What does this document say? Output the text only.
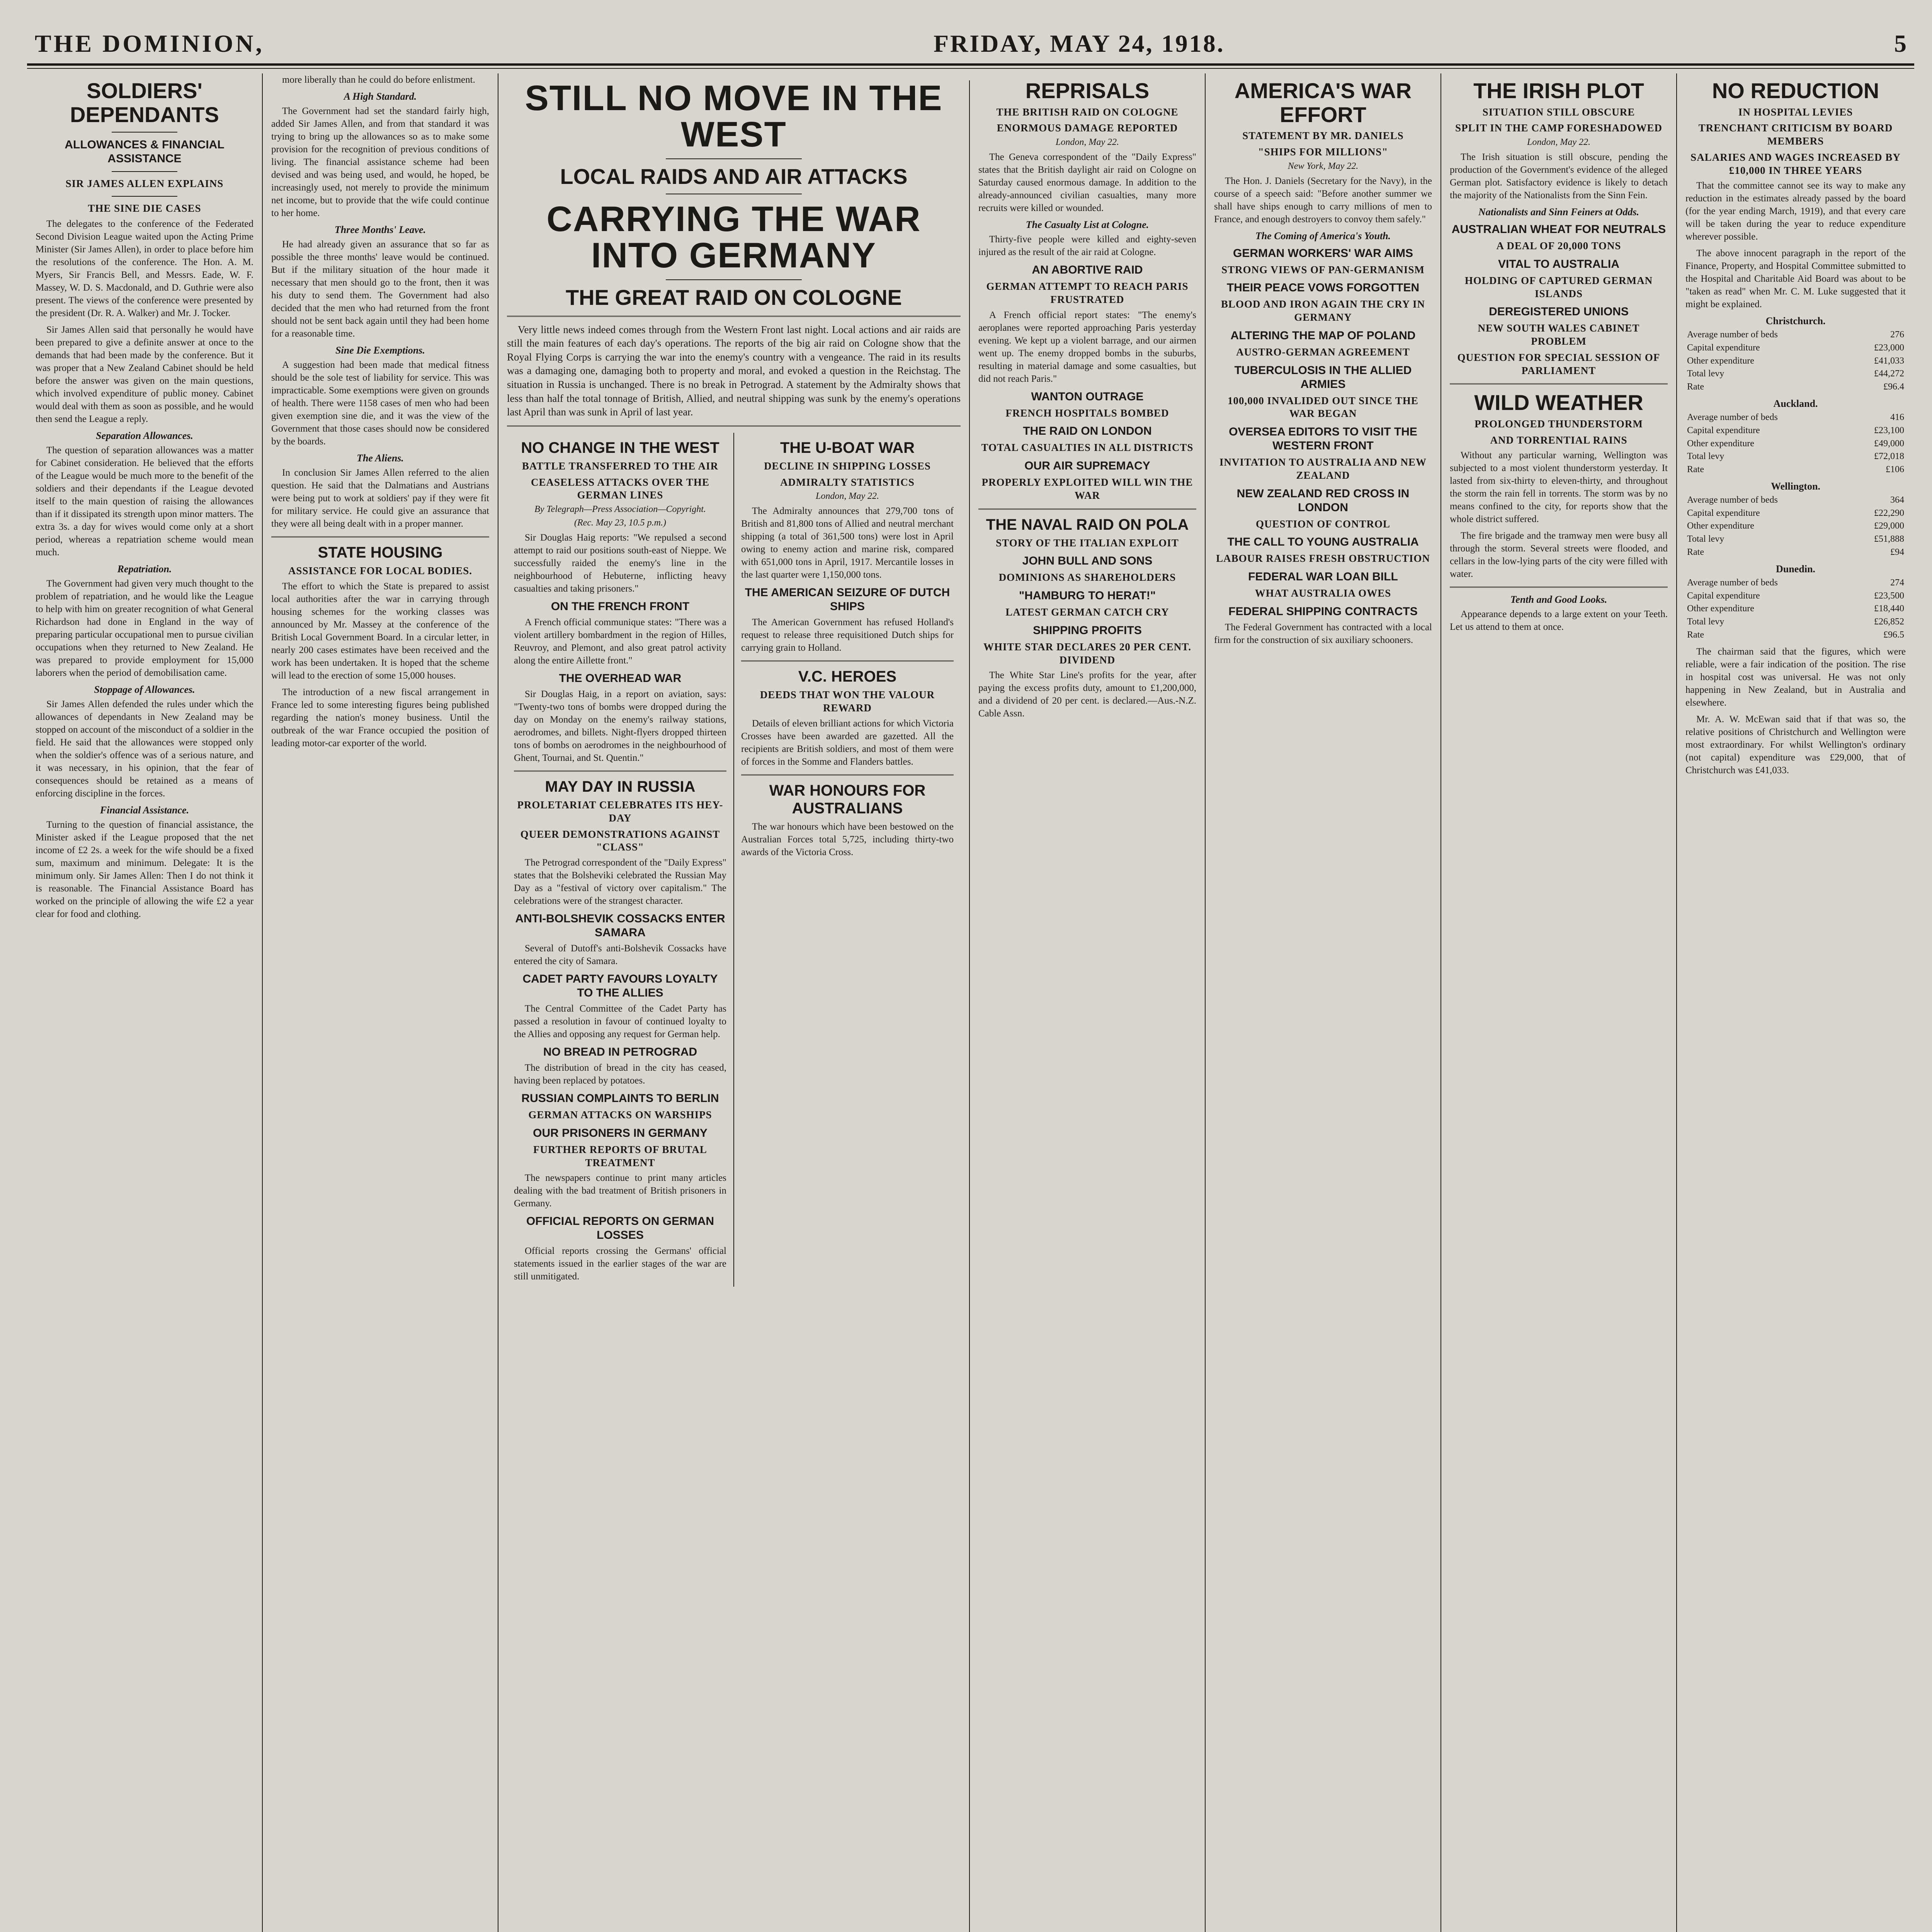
THE DOMINION,	FRIDAY, MAY 24, 1918.	5
SOLDIERS' DEPENDANTS
ALLOWANCES & FINANCIAL ASSISTANCE
SIR JAMES ALLEN EXPLAINS
THE SINE DIE CASES

The delegates to the conference of the Federated Second Division League waited upon the Acting Prime Minister (Sir James Allen), in order to place before him the resolutions of the conference. The Hon. A. M. Myers, Sir Francis Bell, and Messrs. Eade, W. F. Massey, W. D. S. Macdonald, and D. Guthrie were also present. The views of the conference were presented by the president (Dr. R. A. Walker) and Mr. J. Tocker.

Sir James Allen said that personally he would have been prepared to give a definite answer at once to the demands that had been made by the conference. But it was proper that a New Zealand Cabinet should be held before the answer was given on the main questions, which involved expenditure of public money. Cabinet would deal with them as soon as possible, and he would then send the League a reply.

Separation Allowances.

The question of separation allowances was a matter for Cabinet consideration. He believed that the efforts of the League would be much more to the benefit of the soldiers and their dependants if the League devoted itself to the main question of raising the allowances than if it dissipated its strength upon minor matters. The extra 3s. a day for wives would come only at a short period, whereas a repatriation scheme would mean much.

Repatriation.

The Government had given very much thought to the problem of repatriation, and he would like the League to help with him on greater recognition of what General Richardson had done in England in the way of preparing particular occupational men to pursue civilian occupations when they returned to New Zealand. He was prepared to provide employment for 15,000 laborers when the period of demobilisation came.

Stoppage of Allowances.

Sir James Allen defended the rules under which the allowances of dependants in New Zealand may be stopped on account of the misconduct of a soldier in the field. He said that the allowances were stopped only when the soldier's offence was of a serious nature, and it was necessary, in his opinion, that the fear of consequences should be retained as a means of enforcing discipline in the forces.

Financial Assistance.

Turning to the question of financial assistance, the Minister asked if the League proposed that the net income of £2 2s. a week for the wife should be a fixed sum, maximum and minimum. Delegate: It is the minimum only. Sir James Allen: Then I do not think it is reasonable. The Financial Assistance Board has worked on the principle of allowing the wife £2 a year clear for food and clothing.

more liberally than he could do before enlistment.

A High Standard.

The Government had set the standard fairly high, added Sir James Allen, and from that standard it was trying to bring up the allowances so as to make some provision for the recognition of previous conditions of living. The financial assistance scheme had been devised and was being used, and would, he hoped, be increasingly used, not merely to provide the minimum net income, but to provide that the wife could continue to her home.

Three Months' Leave.

He had already given an assurance that so far as possible the three months' leave would be continued. But if the military situation of the hour made it necessary that men should go to the front, then it was his duty to send them. The Government had also decided that the men who had returned from the front should not be sent back again until they had been home for a reasonable time.

Sine Die Exemptions.

A suggestion had been made that medical fitness should be the sole test of liability for service. This was impracticable. Some exemptions were given on grounds of health. There were 1158 cases of men who had been given exemption sine die, and it was the view of the Government that those cases should now be considered by the boards.

The Aliens.

In conclusion Sir James Allen referred to the alien question. He said that the Dalmatians and Austrians were being put to work at soldiers' pay if they were fit for military service. He could give an assurance that they were all being dealt with in a proper manner.

STATE HOUSING
ASSISTANCE FOR LOCAL BODIES.

The effort to which the State is prepared to assist local authorities after the war in carrying through housing schemes for the working classes was announced by Mr. Massey at the conference of the British Local Government Board. In a circular letter, in nearly 200 cases estimates have been received and the work has been undertaken. It is hoped that the scheme will lead to the erection of some 15,000 houses.

The introduction of a new fiscal arrangement in France led to some interesting figures being published regarding the nation's money business. Until the outbreak of the war France occupied the position of leading motor-car exporter of the world.

STILL NO MOVE IN THE WEST
LOCAL RAIDS AND AIR ATTACKS
CARRYING THE WAR INTO GERMANY
THE GREAT RAID ON COLOGNE

Very little news indeed comes through from the Western Front last night. Local actions and air raids are still the main features of each day's operations. The reports of the big air raid on Cologne show that the Royal Flying Corps is carrying the war into the enemy's country with a vengeance. The raid in its results was a damaging one, damaging both to property and moral, and evoked a question in the Reichstag. The situation in Russia is unchanged. There is no break in Petrograd. A statement by the Admiralty shows that less than half the total tonnage of British, Allied, and neutral shipping was sunk by the enemy's operations last April than was sunk in April of last year.

NO CHANGE IN THE WEST
BATTLE TRANSFERRED TO THE AIR
CEASELESS ATTACKS OVER THE GERMAN LINES
By Telegraph—Press Association—Copyright.
(Rec. May 23, 10.5 p.m.)

Sir Douglas Haig reports: "We repulsed a second attempt to raid our positions south-east of Nieppe. We successfully raided the enemy's line in the neighbourhood of Hebuterne, inflicting heavy casualties and taking prisoners."

ON THE FRENCH FRONT

A French official communique states: "There was a violent artillery bombardment in the region of Hilles, Reuvroy, and Plemont, and also great patrol activity along the entire Aillette front."

THE OVERHEAD WAR

Sir Douglas Haig, in a report on aviation, says: "Twenty-two tons of bombs were dropped during the day on Monday on the enemy's railway stations, aerodromes, and billets. Night-flyers dropped thirteen tons of bombs on aerodromes in the neighbourhood of Ghent, Tournai, and St. Quentin."

MAY DAY IN RUSSIA
PROLETARIAT CELEBRATES ITS HEY-DAY
QUEER DEMONSTRATIONS AGAINST "CLASS"

The Petrograd correspondent of the "Daily Express" states that the Bolsheviki celebrated the Russian May Day as a "festival of victory over capitalism." The celebrations were of the strangest character.

ANTI-BOLSHEVIK COSSACKS ENTER SAMARA

Several of Dutoff's anti-Bolshevik Cossacks have entered the city of Samara.

CADET PARTY FAVOURS LOYALTY TO THE ALLIES

The Central Committee of the Cadet Party has passed a resolution in favour of continued loyalty to the Allies and opposing any request for German help.

NO BREAD IN PETROGRAD

The distribution of bread in the city has ceased, having been replaced by potatoes.

RUSSIAN COMPLAINTS TO BERLIN
GERMAN ATTACKS ON WARSHIPS
OUR PRISONERS IN GERMANY
FURTHER REPORTS OF BRUTAL TREATMENT

The newspapers continue to print many articles dealing with the bad treatment of British prisoners in Germany.

OFFICIAL REPORTS ON GERMAN LOSSES

Official reports crossing the Germans' official statements issued in the earlier stages of the war are still unmitigated.

THE U-BOAT WAR
DECLINE IN SHIPPING LOSSES
ADMIRALTY STATISTICS
London, May 22.

The Admiralty announces that 279,700 tons of British and 81,800 tons of Allied and neutral merchant shipping (a total of 361,500 tons) were lost in April owing to enemy action and marine risk, compared with 651,000 tons in April, 1917. Mercantile losses in the last quarter were 1,150,000 tons.

THE AMERICAN SEIZURE OF DUTCH SHIPS

The American Government has refused Holland's request to release three requisitioned Dutch ships for carrying grain to Holland.

V.C. HEROES
DEEDS THAT WON THE VALOUR REWARD

Details of eleven brilliant actions for which Victoria Crosses have been awarded are gazetted. All the recipients are British soldiers, and most of them were of forces in the Somme and Flanders battles.

WAR HONOURS FOR AUSTRALIANS

The war honours which have been bestowed on the Australian Forces total 5,725, including thirty-two awards of the Victoria Cross.

REPRISALS
THE BRITISH RAID ON COLOGNE
ENORMOUS DAMAGE REPORTED
London, May 22.

The Geneva correspondent of the "Daily Express" states that the British daylight air raid on Cologne on Saturday caused enormous damage. In addition to the already-announced civilian casualties, many more recruits were killed or wounded.

The Casualty List at Cologne.

Thirty-five people were killed and eighty-seven injured as the result of the air raid at Cologne.

AN ABORTIVE RAID
GERMAN ATTEMPT TO REACH PARIS FRUSTRATED

A French official report states: "The enemy's aeroplanes were reported approaching Paris yesterday evening. We kept up a violent barrage, and our airmen went up. The enemy dropped bombs in the suburbs, resulting in material damage and some casualties, but did not reach Paris."

WANTON OUTRAGE
FRENCH HOSPITALS BOMBED
THE RAID ON LONDON
TOTAL CASUALTIES IN ALL DISTRICTS
OUR AIR SUPREMACY
PROPERLY EXPLOITED WILL WIN THE WAR
THE NAVAL RAID ON POLA
STORY OF THE ITALIAN EXPLOIT
JOHN BULL AND SONS
DOMINIONS AS SHAREHOLDERS
"HAMBURG TO HERAT!"
LATEST GERMAN CATCH CRY
SHIPPING PROFITS
WHITE STAR DECLARES 20 PER CENT. DIVIDEND

The White Star Line's profits for the year, after paying the excess profits duty, amount to £1,200,000, and a dividend of 20 per cent. is declared.—Aus.-N.Z. Cable Assn.

AMERICA'S WAR EFFORT
STATEMENT BY MR. DANIELS
"SHIPS FOR MILLIONS"
New York, May 22.

The Hon. J. Daniels (Secretary for the Navy), in the course of a speech said: "Before another summer we shall have ships enough to carry millions of men to France, and enough destroyers to convoy them safely."

The Coming of America's Youth.
GERMAN WORKERS' WAR AIMS
STRONG VIEWS OF PAN-GERMANISM
THEIR PEACE VOWS FORGOTTEN
BLOOD AND IRON AGAIN THE CRY IN GERMANY
ALTERING THE MAP OF POLAND
AUSTRO-GERMAN AGREEMENT
TUBERCULOSIS IN THE ALLIED ARMIES
100,000 INVALIDED OUT SINCE THE WAR BEGAN
OVERSEA EDITORS TO VISIT THE WESTERN FRONT
INVITATION TO AUSTRALIA AND NEW ZEALAND
NEW ZEALAND RED CROSS IN LONDON
QUESTION OF CONTROL
THE CALL TO YOUNG AUSTRALIA
LABOUR RAISES FRESH OBSTRUCTION
FEDERAL WAR LOAN BILL
WHAT AUSTRALIA OWES
FEDERAL SHIPPING CONTRACTS

The Federal Government has contracted with a local firm for the construction of six auxiliary schooners.

THE IRISH PLOT
SITUATION STILL OBSCURE
SPLIT IN THE CAMP FORESHADOWED
London, May 22.

The Irish situation is still obscure, pending the production of the Government's evidence of the alleged German plot. Satisfactory evidence is likely to detach the majority of the Nationalists from the Sinn Fein.

Nationalists and Sinn Feiners at Odds.
AUSTRALIAN WHEAT FOR NEUTRALS
A DEAL OF 20,000 TONS
VITAL TO AUSTRALIA
HOLDING OF CAPTURED GERMAN ISLANDS
DEREGISTERED UNIONS
NEW SOUTH WALES CABINET PROBLEM
QUESTION FOR SPECIAL SESSION OF PARLIAMENT
WILD WEATHER
PROLONGED THUNDERSTORM
AND TORRENTIAL RAINS

Without any particular warning, Wellington was subjected to a most violent thunderstorm yesterday. It lasted from six-thirty to eleven-thirty, and throughout the storm the rain fell in torrents. The storm was by no means confined to the city, for reports show that the whole district suffered.

The fire brigade and the tramway men were busy all through the storm. Several streets were flooded, and cellars in the low-lying parts of the city were filled with water.

Tenth and Good Looks.

Appearance depends to a large extent on your Teeth. Let us attend to them at once.

NO REDUCTION
IN HOSPITAL LEVIES
TRENCHANT CRITICISM BY BOARD MEMBERS
SALARIES AND WAGES INCREASED BY £10,000 IN THREE YEARS

That the committee cannot see its way to make any reduction in the estimates already passed by the board (for the year ending March, 1919), and that every care will be taken during the year to reduce expenditure wherever possible.

The above innocent paragraph in the report of the Finance, Property, and Hospital Committee submitted to the Hospital and Charitable Aid Board was about to be "taken as read" when Mr. C. M. Luke suggested that it might be explained.

Christchurch.
Average number of beds	276
Capital expenditure	£23,000
Other expenditure	£41,033
Total levy	£44,272
Rate	£96.4
Auckland.
Average number of beds	416
Capital expenditure	£23,100
Other expenditure	£49,000
Total levy	£72,018
Rate	£106
Wellington.
Average number of beds	364
Capital expenditure	£22,290
Other expenditure	£29,000
Total levy	£51,888
Rate	£94
Dunedin.
Average number of beds	274
Capital expenditure	£23,500
Other expenditure	£18,440
Total levy	£26,852
Rate	£96.5

The chairman said that the figures, which were reliable, were a fair indication of the position. The rise in hospital cost was universal. He was not only happening in New Zealand, but in Australia and elsewhere.

Mr. A. W. McEwan said that if that was so, the relative positions of Christchurch and Wellington were most extraordinary. For whilst Wellington's ordinary (not capital) expenditure was £29,000, that of Christchurch was £41,033.
